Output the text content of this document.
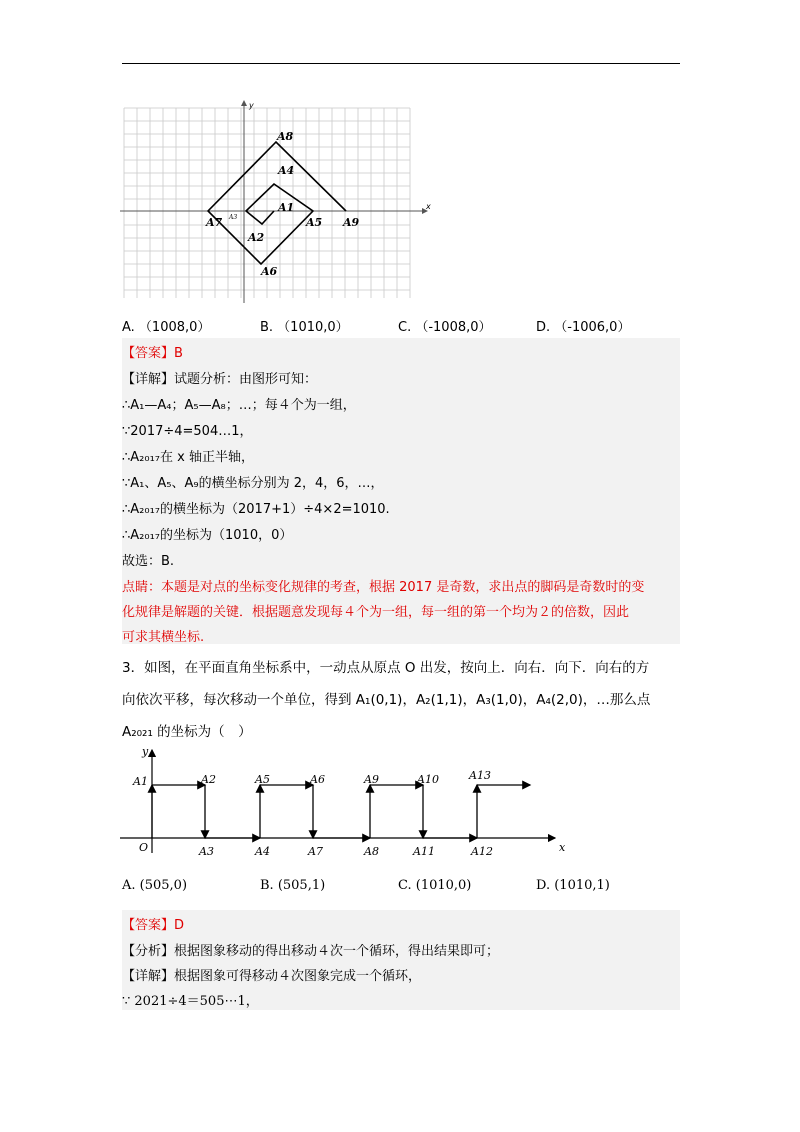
y
x
A8
A4
A1
A3
A7
A2
A5 A9
A6
A. （1008,0）	B. （1010,0）	C. （-1008,0）	D. （-1006,0）
【答案】B
【详解】试题分析：由图形可知：
∴A₁—A₄；A₅—A₈；…；每４个为一组，
∵2017÷4=504…1，
∴A₂₀₁₇在 x 轴正半轴，
∵A₁、A₅、A₉的横坐标分别为 2，4，6，…，
∴A₂₀₁₇的横坐标为（2017+1）÷4×2=1010.
∴A₂₀₁₇的坐标为（1010，0）
故选：B.
点睛：本题是对点的坐标变化规律的考查，根据 2017 是奇数，求出点的脚码是奇数时的变
化规律是解题的关键．根据题意发现每４个为一组，每一组的第一个均为２的倍数，因此
可求其横坐标.
3．如图，在平面直角坐标系中，一动点从原点 O 出发，按向上．向右．向下．向右的方
向依次平移，每次移动一个单位，得到 A₁(0,1)，A₂(1,1)，A₃(1,0)，A₄(2,0)，…那么点
A₂₀₂₁ 的坐标为（　）
y
x
O
A1	A2
A3	A4
A5	A6
A7	A8
A9	A10
A11	A12
A13
A. (505,0)	B. (505,1)	C. (1010,0)	D. (1010,1)
【答案】D
【分析】根据图象移动的得出移动４次一个循环，得出结果即可；
【详解】根据图象可得移动４次图象完成一个循环，
∵ 2021÷4＝505⋯1，
